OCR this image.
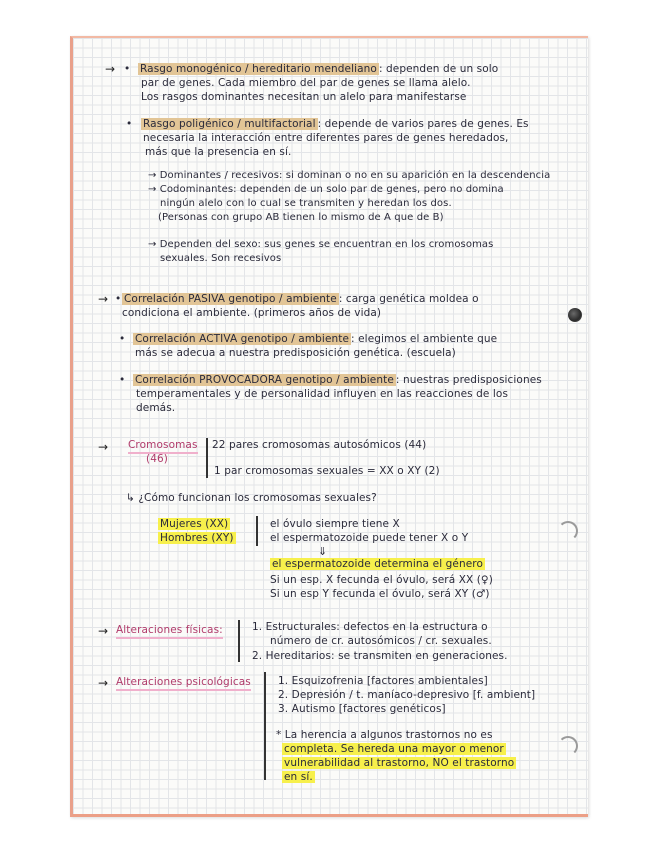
→ • Rasgo monogénico / hereditario mendeliano : dependen de un solo
par de genes. Cada miembro del par de genes se llama alelo.
Los rasgos dominantes necesitan un alelo para manifestarse
• Rasgo poligénico / multifactorial : depende de varios pares de genes. Es
necesaria la interacción entre diferentes pares de genes heredados,
más que la presencia en sí.
→ Dominantes / recesivos: si dominan o no en su aparición en la descendencia
→ Codominantes: dependen de un solo par de genes, pero no domina
ningún alelo con lo cual se transmiten y heredan los dos.
(Personas con grupo AB tienen lo mismo de A que de B)
→ Dependen del sexo: sus genes se encuentran en los cromosomas
sexuales. Son recesivos
→ • Correlación PASIVA genotipo / ambiente : carga genética moldea o
condiciona el ambiente. (primeros años de vida)
• Correlación ACTIVA genotipo / ambiente : elegimos el ambiente que
más se adecua a nuestra predisposición genética. (escuela)
• Correlación PROVOCADORA genotipo / ambiente : nuestras predisposiciones
temperamentales y de personalidad influyen en las reacciones de los
demás.
→ Cromosomas
(46)
22 pares cromosomas autosómicos (44)
1 par cromosomas sexuales = XX o XY (2)
↳ ¿Cómo funcionan los cromosomas sexuales?
Mujeres (XX)
Hombres (XY)
el óvulo siempre tiene X
el espermatozoide puede tener X o Y
⇓
el espermatozoide determina el género
Si un esp. X fecunda el óvulo, será XX (♀)
Si un esp Y fecunda el óvulo, será XY (♂)
→ Alteraciones físicas:	1. Estructurales: defectos en la estructura o
número de cr. autosómicos / cr. sexuales.
2. Hereditarios: se transmiten en generaciones.
→ Alteraciones psicológicas	1. Esquizofrenia [factores ambientales]
2. Depresión / t. maníaco-depresivo [f. ambient]
3. Autismo [factores genéticos]
* La herencia a algunos trastornos no es
completa. Se hereda una mayor o menor
vulnerabilidad al trastorno, NO el trastorno
en sí.
